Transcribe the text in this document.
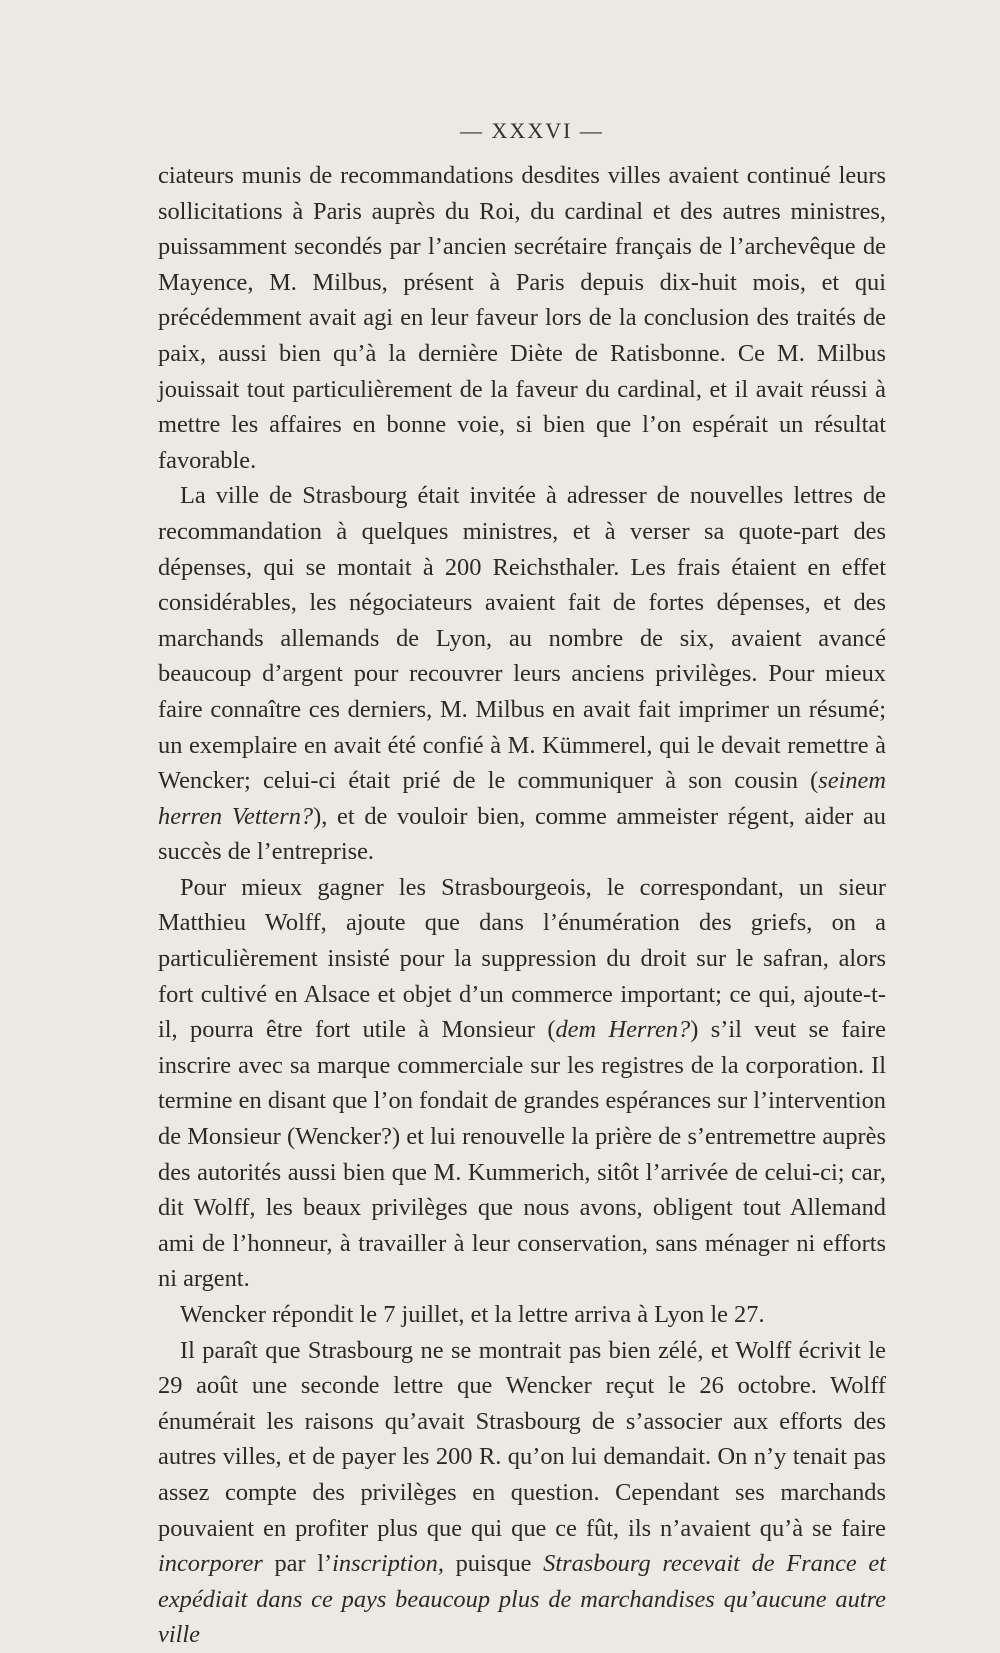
— XXXVI —

ciateurs munis de recommandations desdites villes avaient continué leurs sollicitations à Paris auprès du Roi, du cardinal et des autres ministres, puissamment secondés par l’ancien secrétaire français de l’archevêque de Mayence, M. Milbus, présent à Paris depuis dix-huit mois, et qui précédemment avait agi en leur faveur lors de la conclusion des traités de paix, aussi bien qu’à la dernière Diète de Ratisbonne. Ce M. Milbus jouissait tout particulièrement de la faveur du cardinal, et il avait réussi à mettre les affaires en bonne voie, si bien que l’on espérait un résultat favorable.

La ville de Strasbourg était invitée à adresser de nouvelles lettres de recommandation à quelques ministres, et à verser sa quote-part des dépenses, qui se montait à 200 Reichsthaler. Les frais étaient en effet considérables, les négociateurs avaient fait de fortes dépenses, et des marchands allemands de Lyon, au nombre de six, avaient avancé beaucoup d’argent pour recouvrer leurs anciens privilèges. Pour mieux faire connaître ces derniers, M. Milbus en avait fait imprimer un résumé; un exemplaire en avait été confié à M. Kümmerel, qui le devait remettre à Wencker; celui-ci était prié de le communiquer à son cousin (seinem herren Vettern?), et de vouloir bien, comme ammeister régent, aider au succès de l’entreprise.

Pour mieux gagner les Strasbourgeois, le correspondant, un sieur Matthieu Wolff, ajoute que dans l’énumération des griefs, on a particulièrement insisté pour la suppression du droit sur le safran, alors fort cultivé en Alsace et objet d’un commerce important; ce qui, ajoute-t-il, pourra être fort utile à Monsieur (dem Herren?) s’il veut se faire inscrire avec sa marque commerciale sur les registres de la corporation. Il termine en disant que l’on fondait de grandes espérances sur l’intervention de Monsieur (Wencker?) et lui renouvelle la prière de s’entremettre auprès des autorités aussi bien que M. Kummerich, sitôt l’arrivée de celui-ci; car, dit Wolff, les beaux privilèges que nous avons, obligent tout Allemand ami de l’honneur, à travailler à leur conservation, sans ménager ni efforts ni argent.

Wencker répondit le 7 juillet, et la lettre arriva à Lyon le 27.

Il paraît que Strasbourg ne se montrait pas bien zélé, et Wolff écrivit le 29 août une seconde lettre que Wencker reçut le 26 octobre. Wolff énumérait les raisons qu’avait Strasbourg de s’associer aux efforts des autres villes, et de payer les 200 R. qu’on lui demandait. On n’y tenait pas assez compte des privilèges en question. Cependant ses marchands pouvaient en profiter plus que qui que ce fût, ils n’avaient qu’à se faire incorporer par l’inscription, puisque Strasbourg recevait de France et expédiait dans ce pays beaucoup plus de marchandises qu’aucune autre ville
